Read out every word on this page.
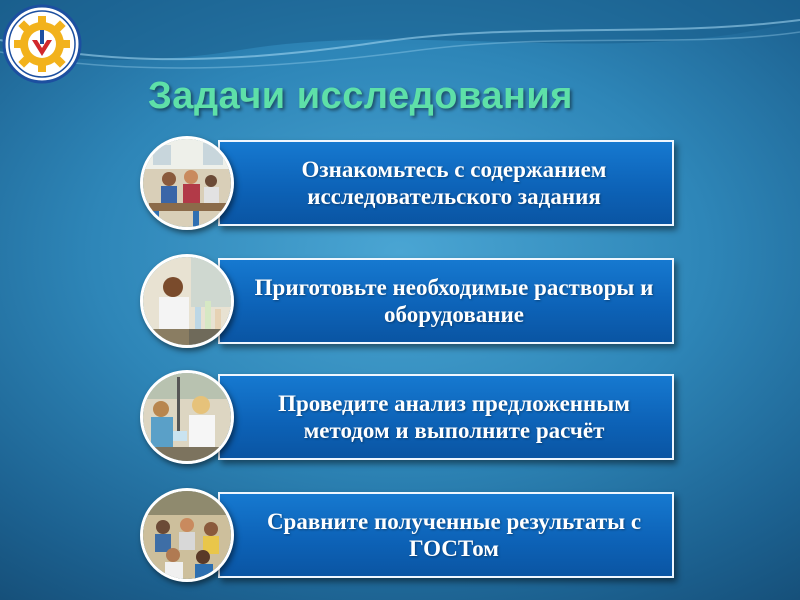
Задачи исследования
Ознакомьтесь с содержанием исследовательского задания
Приготовьте необходимые растворы и оборудование
Проведите анализ предложенным методом и выполните расчёт
Сравните полученные результаты с ГОСТом
